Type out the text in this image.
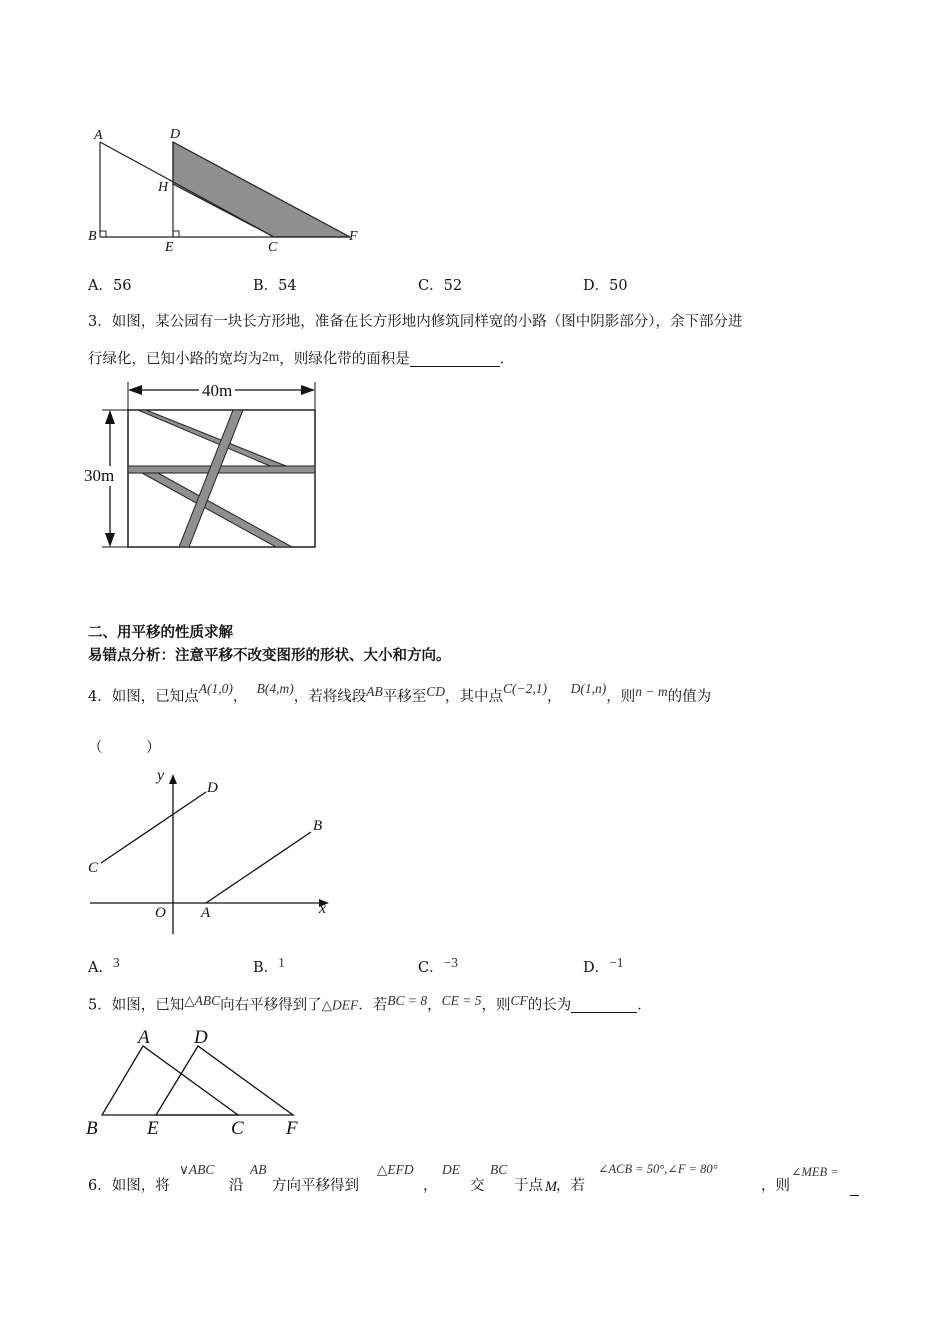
A	D
H
B
E	C
F
A．56	B．54	C．52	D．50
3．如图，某公园有一块长方形地，准备在长方形地内修筑同样宽的小路（图中阴影部分），余下部分进
行绿化，已知小路的宽均为2m，则绿化带的面积是	．
40m
30m
二、用平移的性质求解
易错点分析：注意平移不改变图形的形状、大小和方向。
4．如图，已知点A(1,0)，  B(4,m)，若将线段AB平移至CD，其中点C(−2,1)，  D(1,n)，则n − m的值为
（　　　）
y
x
O A
B
C
D
A．3	B．1	C．−3	D．−1
5．如图，已知△ABC向右平移得到了△DEF．若BC = 8，CE = 5，则CF的长为	．
A D
B	E	C F
6．如图，将
∨ABC
沿
AB
方向平移得到
△EFD
，
DE
交
BC
于点 M
，若
∠ACB = 50°,∠F = 80°
，则
∠MEB =
